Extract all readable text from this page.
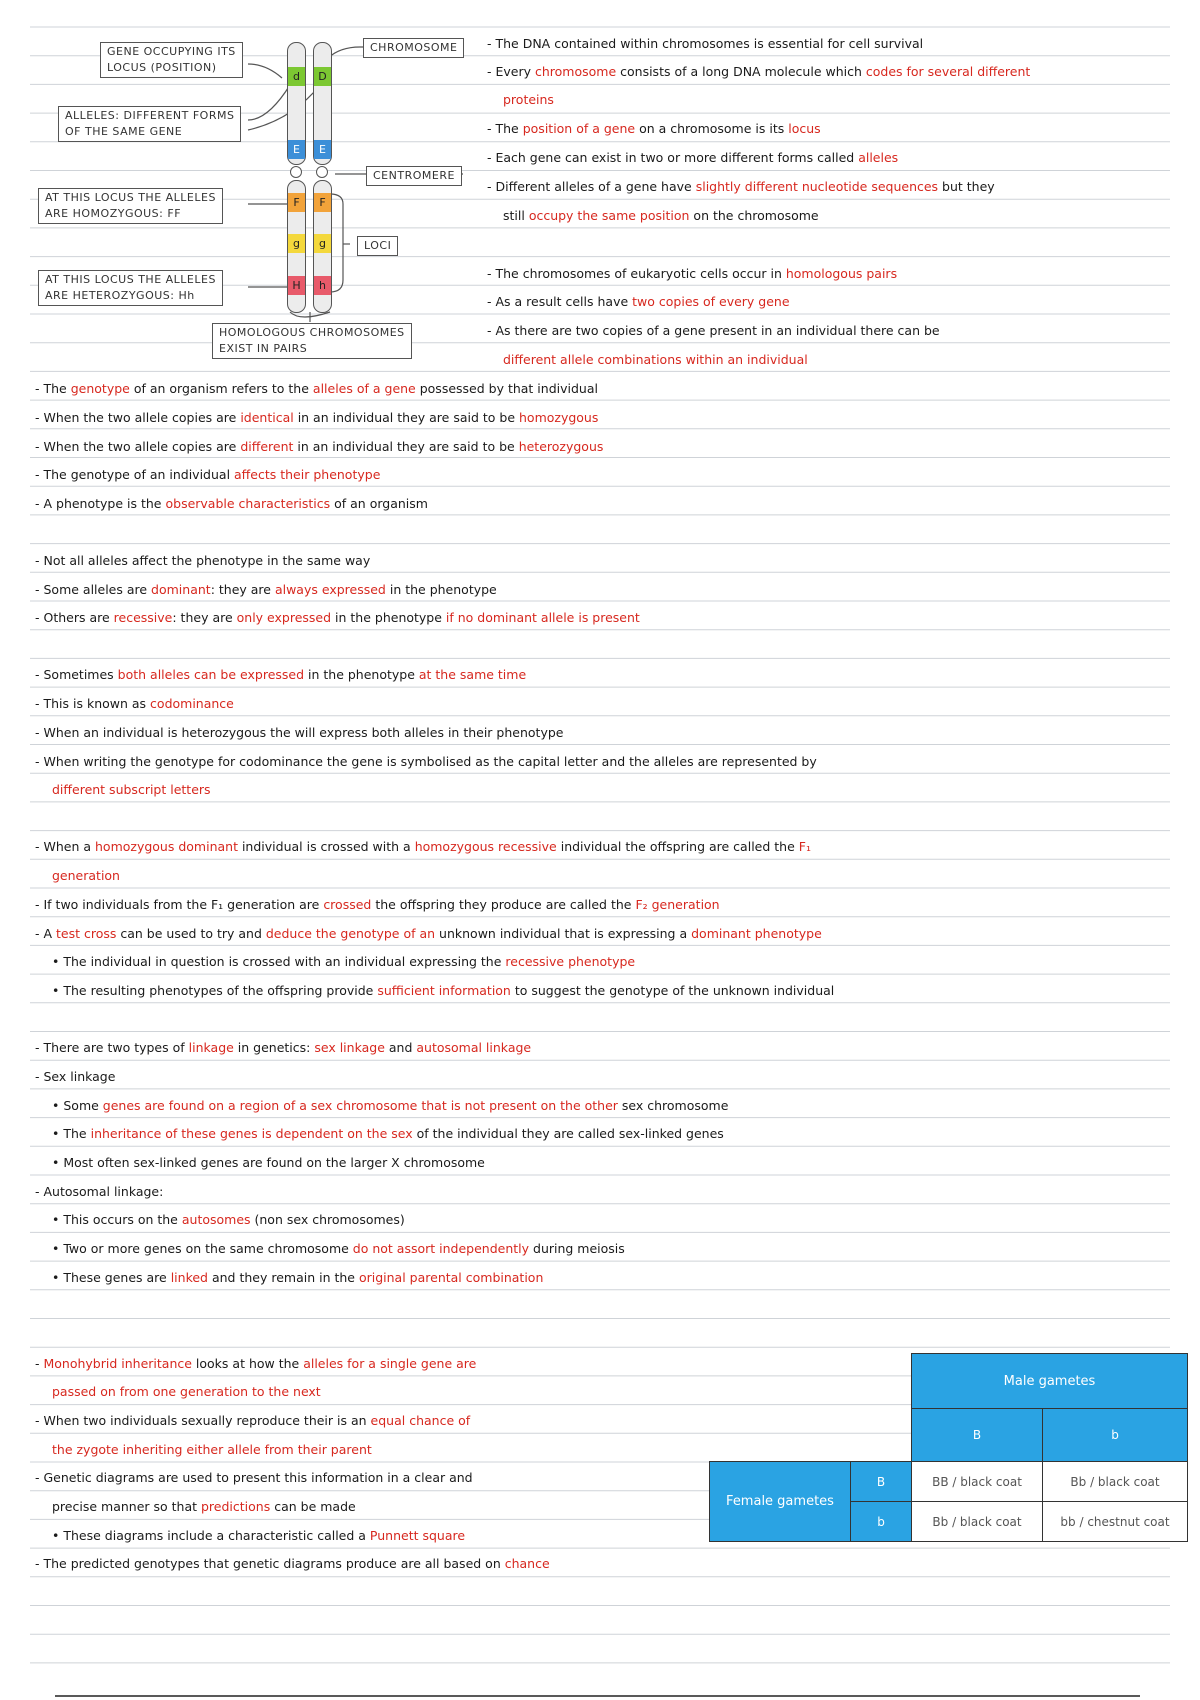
GENE OCCUPYING ITS
LOCUS (POSITION)
ALLELES: DIFFERENT FORMS
OF THE SAME GENE
AT THIS LOCUS THE ALLELES
ARE HOMOZYGOUS: FF
AT THIS LOCUS THE ALLELES
ARE HETEROZYGOUS: Hh
HOMOLOGOUS CHROMOSOMES
EXIST IN PAIRS
CHROMOSOME
CENTROMERE
LOCI
d
E
F
g
H
D
E
F
g
h
- The DNA contained within chromosomes is essential for cell survival
- Every chromosome consists of a long DNA molecule which codes for several different
proteins
- The position of a gene on a chromosome is its locus
- Each gene can exist in two or more different forms called alleles
- Different alleles of a gene have slightly different nucleotide sequences but they
still occupy the same position on the chromosome
- The chromosomes of eukaryotic cells occur in homologous pairs
- As a result cells have two copies of every gene
- As there are two copies of a gene present in an individual there can be
different allele combinations within an individual
- The genotype of an organism refers to the alleles of a gene possessed by that individual
- When the two allele copies are identical in an individual they are said to be homozygous
- When the two allele copies are different in an individual they are said to be heterozygous
- The genotype of an individual affects their phenotype
- A phenotype is the observable characteristics of an organism
- Not all alleles affect the phenotype in the same way
- Some alleles are dominant: they are always expressed in the phenotype
- Others are recessive: they are only expressed in the phenotype if no dominant allele is present
- Sometimes both alleles can be expressed in the phenotype at the same time
- This is known as codominance
- When an individual is heterozygous the will express both alleles in their phenotype
- When writing the genotype for codominance the gene is symbolised as the capital letter and the alleles are represented by
different subscript letters
- When a homozygous dominant individual is crossed with a homozygous recessive individual the offspring are called the F₁
generation
- If two individuals from the F₁ generation are crossed the offspring they produce are called the F₂ generation
- A test cross can be used to try and deduce the genotype of an unknown individual that is expressing a dominant phenotype
• The individual in question is crossed with an individual expressing the recessive phenotype
• The resulting phenotypes of the offspring provide sufficient information to suggest the genotype of the unknown individual
- There are two types of linkage in genetics: sex linkage and autosomal linkage
- Sex linkage
• Some genes are found on a region of a sex chromosome that is not present on the other sex chromosome
• The inheritance of these genes is dependent on the sex of the individual they are called sex-linked genes
• Most often sex-linked genes are found on the larger X chromosome
- Autosomal linkage:
• This occurs on the autosomes (non sex chromosomes)
• Two or more genes on the same chromosome do not assort independently during meiosis
• These genes are linked and they remain in the original parental combination
- Monohybrid inheritance looks at how the alleles for a single gene are
passed on from one generation to the next
- When two individuals sexually reproduce their is an equal chance of
the zygote inheriting either allele from their parent
- Genetic diagrams are used to present this information in a clear and
precise manner so that predictions can be made
• These diagrams include a characteristic called a Punnett square
- The predicted genotypes that genetic diagrams produce are all based on chance
		Male gametes	
		B	b
Female gametes	B	BB / black coat	Bb / black coat
	b	Bb / black coat	bb / chestnut coat
